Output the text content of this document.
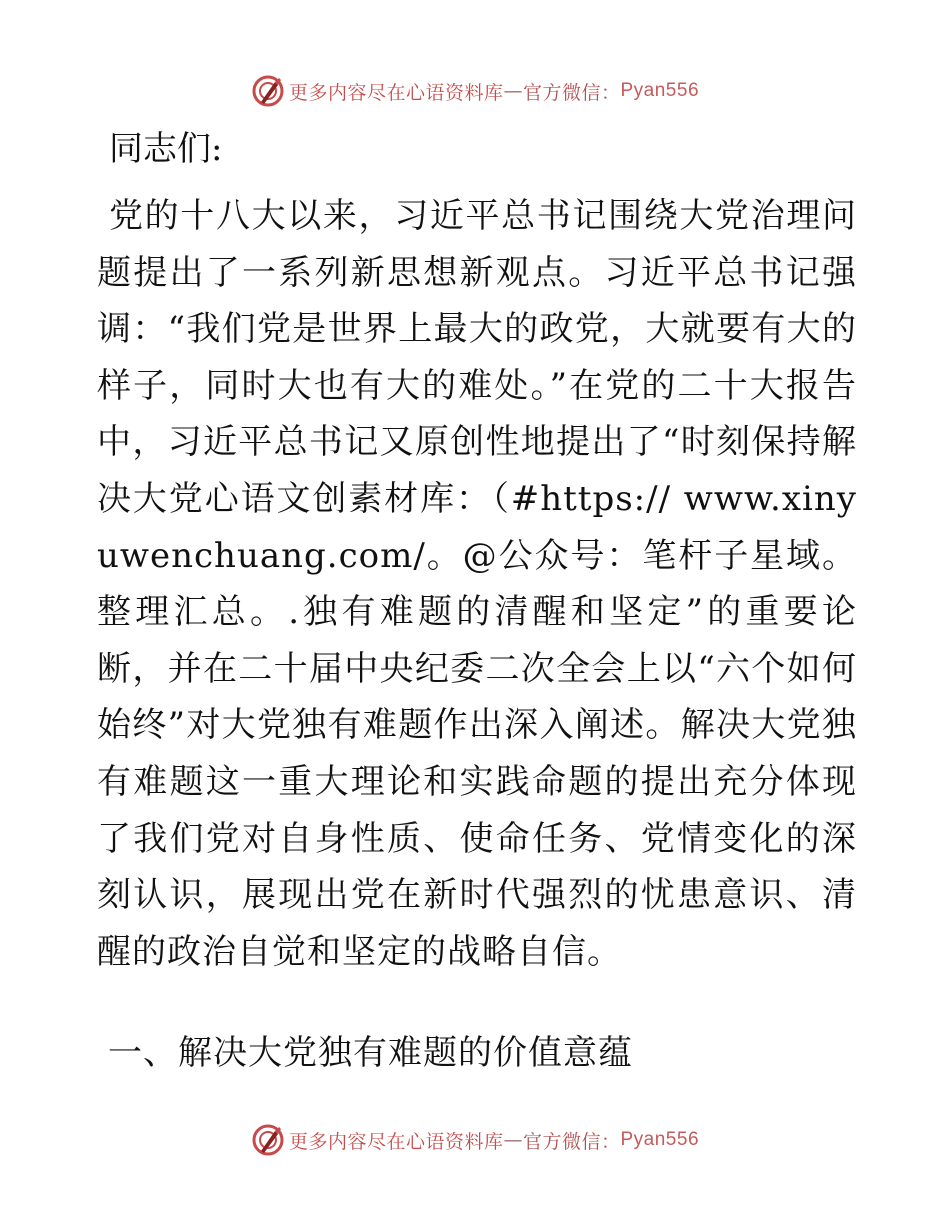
更多内容尽在心语资料库 — 官方微信： Pyan556

同志们:

党的十八大以来，习近平总书记围绕大党治理问题提出了一系列新思想新观点。习近平总书记强调：“我们党是世界上最大的政党，大就要有大的样子，同时大也有大的难处。”在党的二十大报告中，习近平总书记又原创性地提出了“时刻保持解决大党心语文创素材库：（#https:// www.xinyuwenchuang.com/。@公众号：笔杆子星域。整理汇总。.独有难题的清醒和坚定”的重要论断，并在二十届中央纪委二次全会上以“六个如何始终”对大党独有难题作出深入阐述。解决大党独有难题这一重大理论和实践命题的提出充分体现了我们党对自身性质、使命任务、党情变化的深刻认识，展现出党在新时代强烈的忧患意识、清醒的政治自觉和坚定的战略自信。

一、解决大党独有难题的价值意蕴
更多内容尽在心语资料库 — 官方微信： Pyan556
